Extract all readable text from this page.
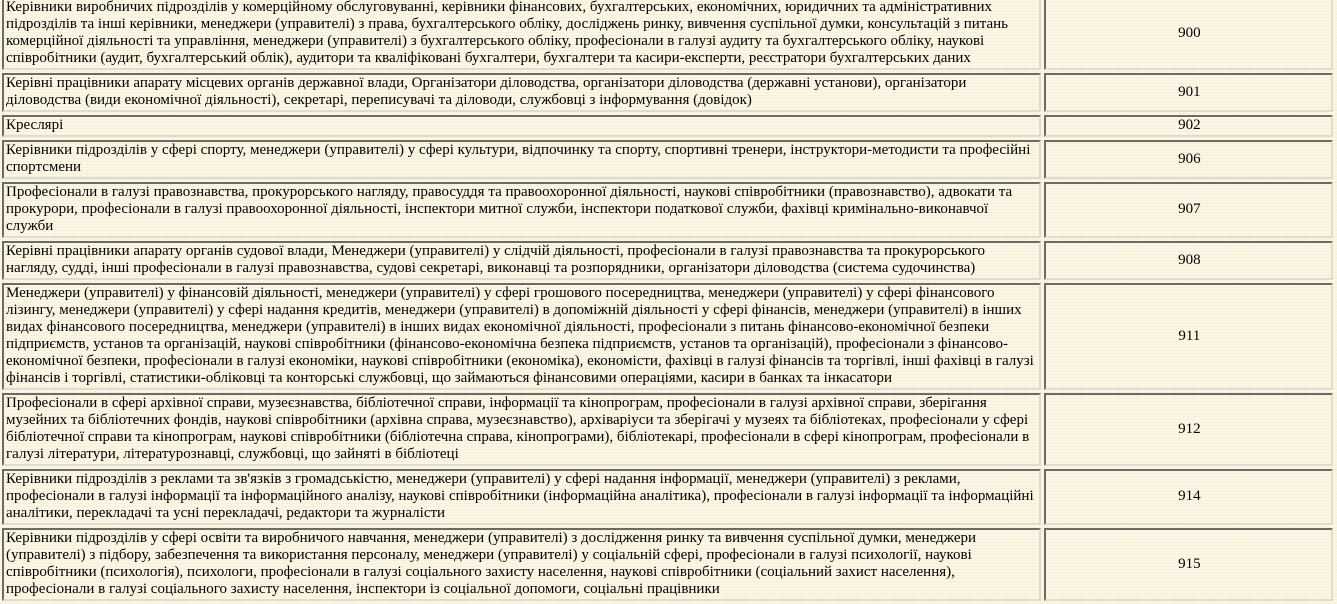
Керівники виробничих підрозділів у комерційному обслуговуванні, керівники фінансових, бухгалтерських, економічних, юридичних та адміністративних підрозділів та інші керівники, менеджери (управителі) з права, бухгалтерського обліку, досліджень ринку, вивчення суспільної думки, консультацій з питань комерційної діяльності та управління, менеджери (управителі) з бухгалтерського обліку, професіонали в галузі аудиту та бухгалтерського обліку, наукові співробітники (аудит, бухгалтерський облік), аудитори та кваліфіковані бухгалтери, бухгалтери та касири-експерти, реєстратори бухгалтерських даних	900
Керівні працівники апарату місцевих органів державної влади, Організатори діловодства, організатори діловодства (державні установи), організатори діловодства (види економічної діяльності), секретарі, переписувачі та діловоди, службовці з інформування (довідок)	901
Креслярі	902
Керівники підрозділів у сфері спорту, менеджери (управителі) у сфері культури, відпочинку та спорту, спортивні тренери, інструктори-методисти та професійні спортсмени	906
Професіонали в галузі правознавства, прокурорського нагляду, правосуддя та правоохоронної діяльності, наукові співробітники (правознавство), адвокати та прокурори, професіонали в галузі правоохоронної діяльності, інспектори митної служби, інспектори податкової служби, фахівці кримінально-виконавчої служби	907
Керівні працівники апарату органів судової влади, Менеджери (управителі) у слідчій діяльності, професіонали в галузі правознавства та прокурорського нагляду, судді, інші професіонали в галузі правознавства, судові секретарі, виконавці та розпорядники, організатори діловодства (система судочинства)	908
Менеджери (управителі) у фінансовій діяльності, менеджери (управителі) у сфері грошового посередництва, менеджери (управителі) у сфері фінансового лізингу, менеджери (управителі) у сфері надання кредитів, менеджери (управителі) в допоміжній діяльності у сфері фінансів, менеджери (управителі) в інших видах фінансового посередництва, менеджери (управителі) в інших видах економічної діяльності, професіонали з питань фінансово-економічної безпеки підприємств, установ та організацій, наукові співробітники (фінансово-економічна безпека підприємств, установ та організацій), професіонали з фінансово-економічної безпеки, професіонали в галузі економіки, наукові співробітники (економіка), економісти, фахівці в галузі фінансів та торгівлі, інші фахівці в галузі фінансів і торгівлі, статистики-обліковці та конторські службовці, що займаються фінансовими операціями, касири в банках та інкасатори	911
Професіонали в сфері архівної справи, музеєзнавства, бібліотечної справи, інформації та кінопрограм, професіонали в галузі архівної справи, зберігання музейних та бібліотечних фондів, наукові співробітники (архівна справа, музеєзнавство), архіваріуси та зберігачі у музеях та бібліотеках, професіонали у сфері бібліотечної справи та кінопрограм, наукові співробітники (бібліотечна справа, кінопрограми), бібліотекарі, професіонали в сфері кінопрограм, професіонали в галузі літератури, літературознавці, службовці, що зайняті в бібліотеці	912
Керівники підрозділів з реклами та зв'язків з громадськістю, менеджери (управителі) у сфері надання інформації, менеджери (управителі) з реклами, професіонали в галузі інформації та інформаційного аналізу, наукові співробітники (інформаційна аналітика), професіонали в галузі інформації та інформаційні аналітики, перекладачі та усні перекладачі, редактори та журналісти	914
Керівники підрозділів у сфері освіти та виробничого навчання, менеджери (управителі) з дослідження ринку та вивчення суспільної думки, менеджери (управителі) з підбору, забезпечення та використання персоналу, менеджери (управителі) у соціальній сфері, професіонали в галузі психології, наукові співробітники (психологія), психологи, професіонали в галузі соціального захисту населення, наукові співробітники (соціальний захист населення), професіонали в галузі соціального захисту населення, інспектори із соціальної допомоги, соціальні працівники	915
